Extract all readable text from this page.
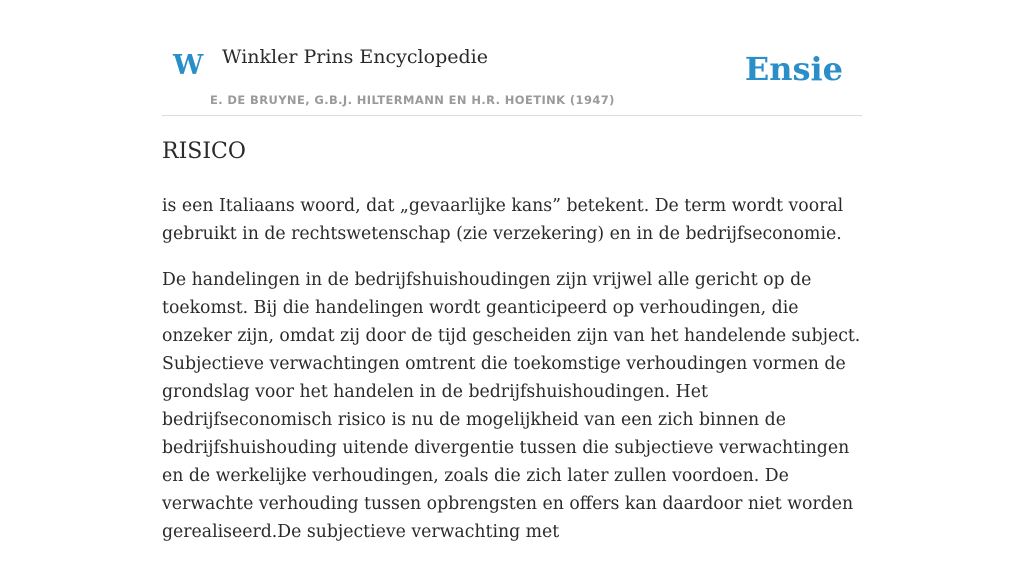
W Winkler Prins Encyclopedie
E. DE BRUYNE, G.B.J. HILTERMANN EN H.R. HOETINK (1947)
Ensie
RISICO

is een Italiaans woord, dat „gevaarlijke kans” betekent. De term wordt vooral gebruikt in de rechtswetenschap (zie verzekering) en in de bedrijfseconomie.

De handelingen in de bedrijfshuishoudingen zijn vrijwel alle gericht op de toekomst. Bij die handelingen wordt geanticipeerd op verhoudingen, die onzeker zijn, omdat zij door de tijd gescheiden zijn van het handelende subject. Subjectieve verwachtingen omtrent die toekomstige verhoudingen vormen de grondslag voor het handelen in de bedrijfshuishoudingen. Het bedrijfseconomisch risico is nu de mogelijkheid van een zich binnen de bedrijfshuishouding uitende divergentie tussen die subjectieve verwachtingen en de werkelijke verhoudingen, zoals die zich later zullen voordoen. De verwachte verhouding tussen opbrengsten en offers kan daardoor niet worden gerealiseerd.De subjectieve verwachting met
